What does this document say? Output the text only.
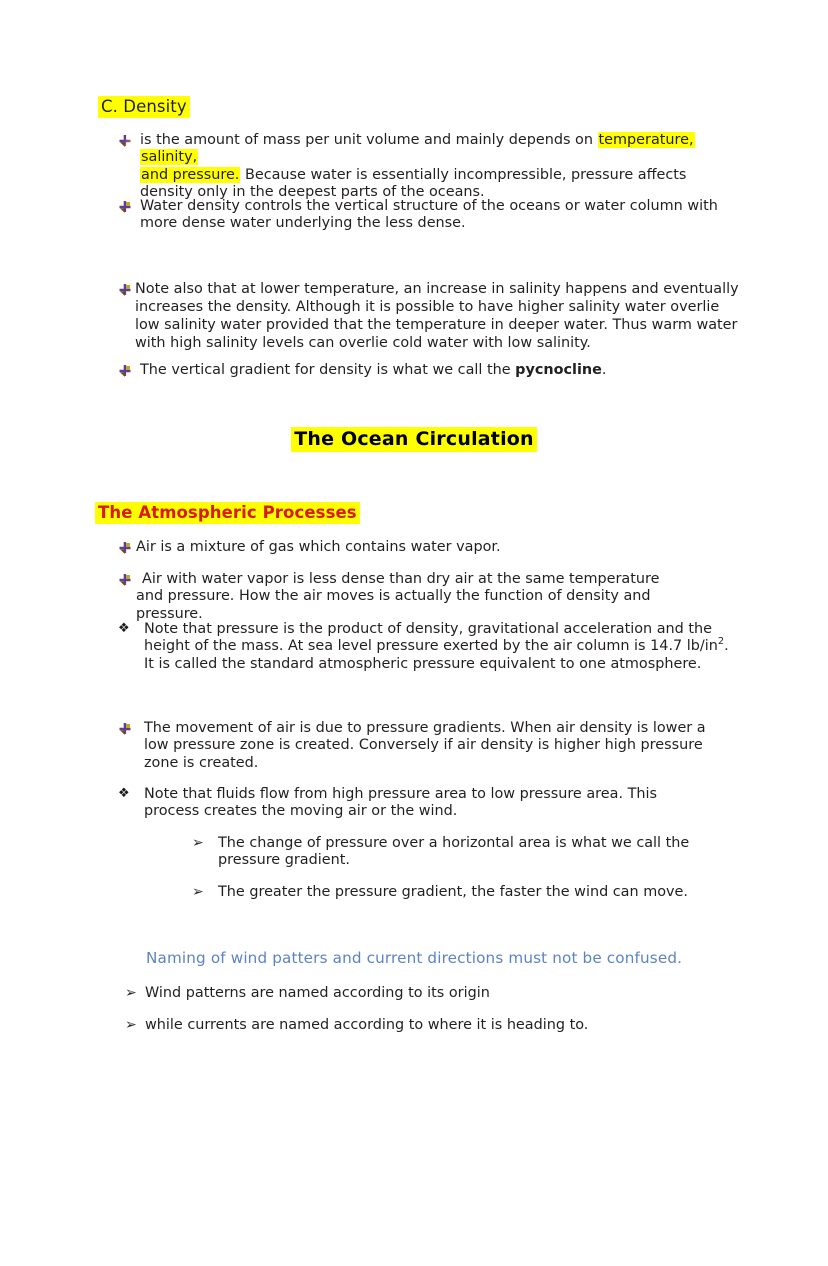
C. Density
is the amount of mass per unit volume and mainly depends on temperature, salinity,
and pressure. Because water is essentially incompressible, pressure affects density only in the deepest parts of the oceans.
Water density controls the vertical structure of the oceans or water column with more dense water underlying the less dense.
Note also that at lower temperature, an increase in salinity happens and eventually increases the density. Although it is possible to have higher salinity water overlie low salinity water provided that the temperature in deeper water. Thus warm water with high salinity levels can overlie cold water with low salinity.
The vertical gradient for density is what we call the pycnocline.
The Ocean Circulation
The Atmospheric Processes
Air is a mixture of gas which contains water vapor.
Air with water vapor is less dense than dry air at the same temperature and pressure. How the air moves is actually the function of density and pressure.
❖ Note that pressure is the product of density, gravitational acceleration and the height of the mass. At sea level pressure exerted by the air column is 14.7 $lb/in^2$. It is called the standard atmospheric pressure equivalent to one atmosphere.
The movement of air is due to pressure gradients. When air density is lower a low pressure zone is created. Conversely if air density is higher high pressure zone is created.
❖ Note that fluids flow from high pressure area to low pressure area. This process creates the moving air or the wind.
➢ The change of pressure over a horizontal area is what we call the pressure gradient.
➢ The greater the pressure gradient, the faster the wind can move.
Naming of wind patters and current directions must not be confused.
➢ Wind patterns are named according to its origin
➢ while currents are named according to where it is heading to.
